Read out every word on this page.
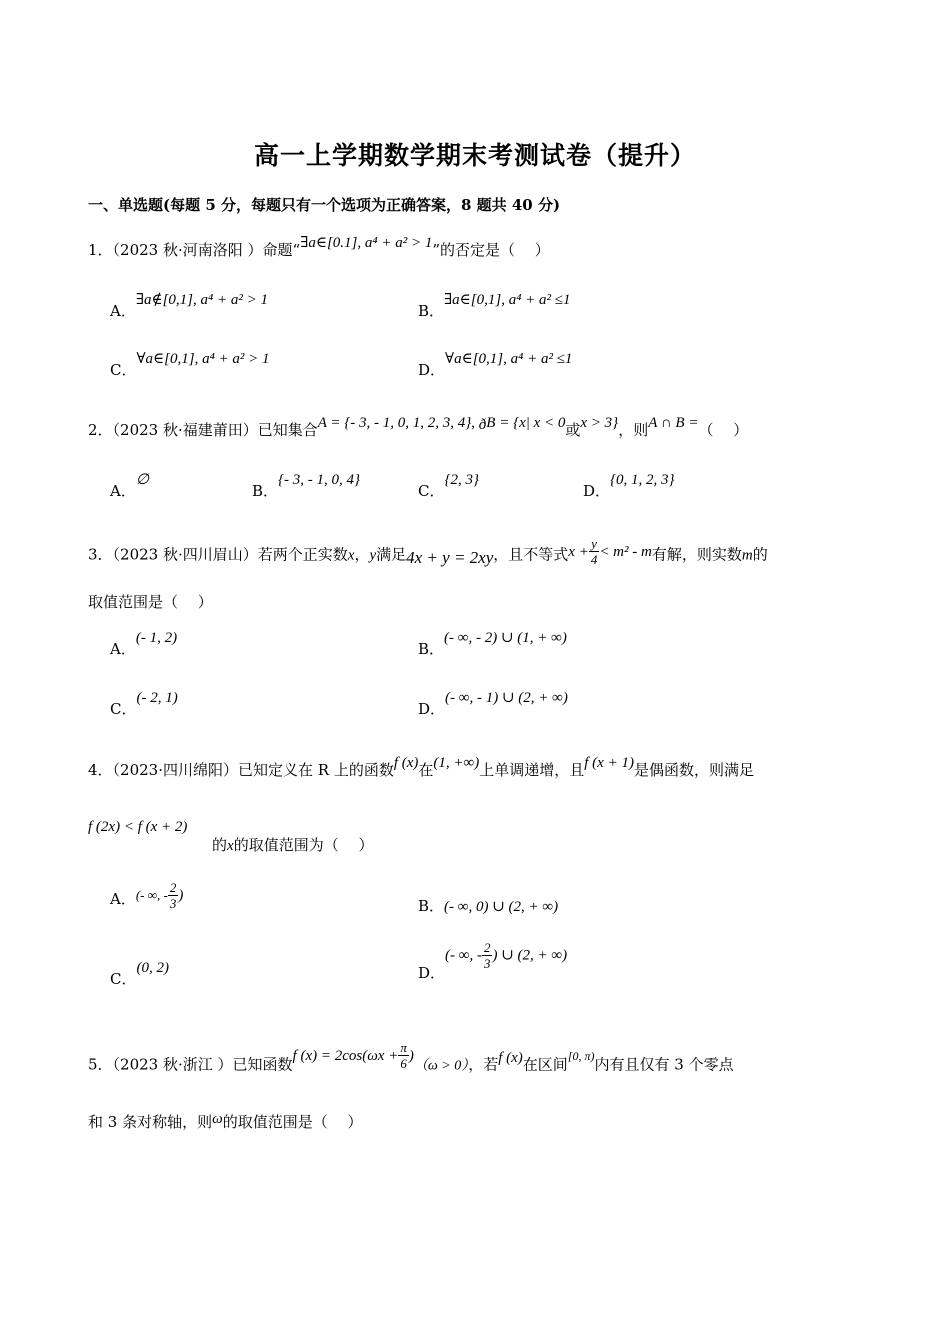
高一上学期数学期末考测试卷（提升）
一、单选题(每题 5 分，每题只有一个选项为正确答案，8 题共 40 分)
1．（2023 秋·河南洛阳 ）命题“∃a∈[0.1], a⁴ + a² > 1”的否定是（　 ）
A．∃a∉[0,1], a⁴ + a² > 1
B．∃a∈[0,1], a⁴ + a² ≤1
C．∀a∈[0,1], a⁴ + a² > 1
D．∀a∈[0,1], a⁴ + a² ≤1
2．（2023 秋·福建莆田）已知集合A = {- 3, - 1, 0, 1, 2, 3, 4}, ðB = {x| x < 0或x > 3}，则A ∩ B =（　 ）
A．∅
B．{- 3, - 1, 0, 4}
C．{2, 3}
D．{0, 1, 2, 3}
3．（2023 秋·四川眉山）若两个正实数x，y满足4x + y = 2xy，且不等式$x + \frac{y}{4} < m^2 - m$有解，则实数m的
取值范围是（　 ）
A．(- 1, 2)
B．(- ∞, - 2) ∪ (1, + ∞)
C．(- 2, 1)
D．(- ∞, - 1) ∪ (2, + ∞)
4．（2023·四川绵阳）已知定义在 R 上的函数f (x)在(1, +∞)上单调递增，且f (x + 1)是偶函数，则满足
f (2x) < f (x + 2)
的x的取值范围为（　 ）
A．(- ∞, - $\frac{2}{3}$ )
B．(- ∞, 0) ∪ (2, + ∞)
C．(0, 2)	D．(- ∞, - $\frac{2}{3}$ ) ∪ (2, + ∞)
5．（2023 秋·浙江 ）已知函数f $(x) = 2\cos(\omega x + \frac{\pi}{6} )(\omega > 0)$，若f (x)在区间$^{[0, \pi)}$内有且仅有 3 个零点
和 3 条对称轴，则ω的取值范围是（　 ）
